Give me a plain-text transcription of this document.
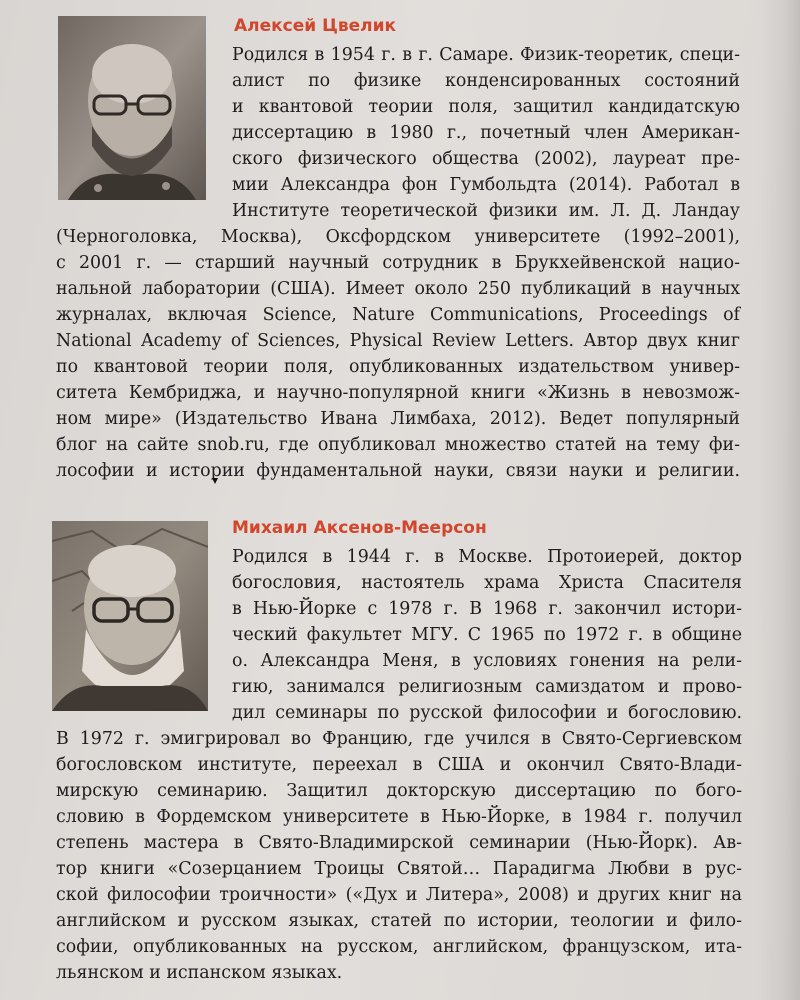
Алексей Цвелик
Родился в 1954 г. в г. Самаре. Физик-теоретик, специ-
алист по физике конденсированных состояний
и квантовой теории поля, защитил кандидатскую
диссертацию в 1980 г., почетный член Американ-
ского физического общества (2002), лауреат пре-
мии Александра фон Гумбольдта (2014). Работал в
Институте теоретической физики им. Л. Д. Ландау
(Черноголовка, Москва), Оксфордском университете (1992–2001),
с 2001 г. — старший научный сотрудник в Брукхейвенской нацио-
нальной лаборатории (США). Имеет около 250 публикаций в научных
журналах, включая Science, Nature Communications, Proceedings of
National Academy of Sciences, Physical Review Letters. Автор двух книг
по квантовой теории поля, опубликованных издательством универ-
ситета Кембриджа, и научно-популярной книги «Жизнь в невозмож-
ном мире» (Издательство Ивана Лимбаха, 2012). Ведет популярный
блог на сайте snob.ru, где опубликовал множество статей на тему фи-
лософии и истории фундаментальной науки, связи науки и религии.
Михаил Аксенов-Меерсон
Родился в 1944 г. в Москве. Протоиерей, доктор
богословия, настоятель храма Христа Спасителя
в Нью-Йорке с 1978 г. В 1968 г. закончил истори-
ческий факультет МГУ. С 1965 по 1972 г. в общине
о. Александра Меня, в условиях гонения на рели-
гию, занимался религиозным самиздатом и прово-
дил семинары по русской философии и богословию.
В 1972 г. эмигрировал во Францию, где учился в Свято-Сергиевском
богословском институте, переехал в США и окончил Свято-Влади-
мирскую семинарию. Защитил докторскую диссертацию по бого-
словию в Фордемском университете в Нью-Йорке, в 1984 г. получил
степень мастера в Свято-Владимирской семинарии (Нью-Йорк). Ав-
тор книги «Созерцанием Троицы Святой… Парадигма Любви в рус-
ской философии троичности» («Дух и Литера», 2008) и других книг на
английском и русском языках, статей по истории, теологии и фило-
софии, опубликованных на русском, английском, французском, ита-
льянском и испанском языках.
